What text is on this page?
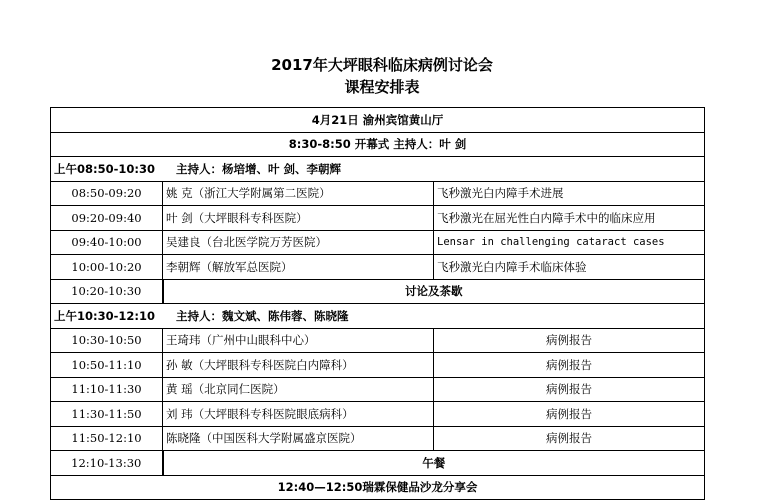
2017年大坪眼科临床病例讨论会
课程安排表
4月21日 渝州宾馆黄山厅		
8:30-8:50 开幕式 主持人：叶 剑		
上午08:50-10:30 主持人：杨培增、叶 剑、李朝辉		
08:50-09:20	姚 克（浙江大学附属第二医院）	飞秒激光白内障手术进展
09:20-09:40	叶 剑（大坪眼科专科医院）	飞秒激光在屈光性白内障手术中的临床应用
09:40-10:00	吴建良（台北医学院万芳医院）	Lensar in challenging cataract cases
10:00-10:20	李朝辉（解放军总医院）	飞秒激光白内障手术临床体验
10:20-10:30	讨论及茶歇	
上午10:30-12:10 主持人：魏文斌、陈伟蓉、陈晓隆		
10:30-10:50	王琦玮（广州中山眼科中心）	病例报告
10:50-11:10	孙 敏（大坪眼科专科医院白内障科）	病例报告
11:10-11:30	黄 瑶（北京同仁医院）	病例报告
11:30-11:50	刘 玮（大坪眼科专科医院眼底病科）	病例报告
11:50-12:10	陈晓隆（中国医科大学附属盛京医院）	病例报告
12:10-13:30	午餐	
12:40—12:50瑞霖保健品沙龙分享会		
